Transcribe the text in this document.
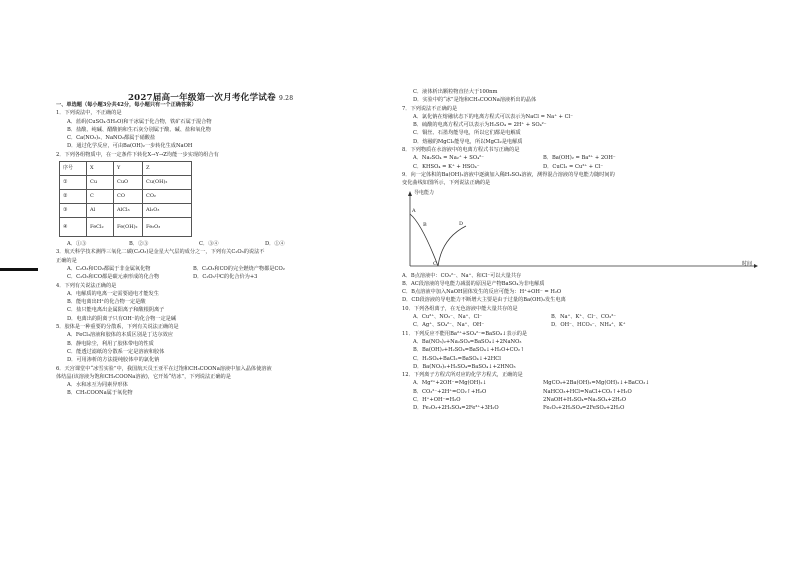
2027届高一年级第一次月考化学试卷 9.28
一、单选题（每小题3分共42分，每小题只有一个正确答案）
1．下列说法中，不正确的是
A．蓝矾(CuSO₄·5H₂O)和干冰属于化合物，铁矿石属于混合物
B．盐酸、纯碱、醋酸钠和生石灰分别属于酸、碱、盐和氧化物
C．Ca(NO₃)₂、NaNO₂都属于硝酸盐
D．通过化学反应，可由Ba(OH)₂一步转化生成NaOH
2．下列各组物质中，在一定条件下转化X→Y→Z均能一步实现的组合有
序号	X	Y	Z
①	Cu	CuO	Cu(OH)₂
②	C	CO	CO₂
③	Al	AlCl₃	Al₂O₃
④	FeCl₂	Fe(OH)₂	Fe₂O₃
A．①③	B．②③	C．③④	D．①④
3．航天科学技术测得三氧化二碳(C₂O₃)是金星大气层的成分之一，下列有关C₂O₃的说法不
正确的是
A．C₂O₃和CO₂都属于非金属氧化物	B．C₂O₃和CO的完全燃烧产物都是CO₂
C．C₂O₃和CO都是碳元素形成的化合物	D．C₂O₃中C的化合价为+3
4．下列有关说法正确的是
A．电解质的电离一定需要通电才能发生
B．能电离出H⁺的化合物一定是酸
C．盐只能电离出金属阳离子和酸根阴离子
D．电离出的阴离子只有OH⁻的化合物一定是碱
5．胶体是一种重要的分散系，下列有关说法正确的是
A．FeCl₃溶液和胶体的本质区别是丁达尔效应
B．静电除尘，利用了胶体带电的性质
C．能透过滤纸的分散系一定是溶液和胶体
D．可用渗析的方法提纯胶体中的氯化钠
6．天宫课堂中“冰雪实验”中，我国航天员王亚平在过饱和CH₃COONa溶液中加入晶体使溶液
体结晶(该溶液为饱和CH₃COONa溶液)，它开始“结冰”，下列说法正确的是
A．水和冰互为同素异形体
B．CH₃COONa属于氧化物
C．液体析出颗粒物直径大于100nm
D．实验中的“冰”是饱和CH₃COONa溶液析出的晶体
7．下列说法不正确的是
A．氯化钠在熔融状态下的电离方程式可以表示为NaCl = Na⁺ + Cl⁻
B．硫酸的电离方程式可以表示为H₂SO₄ = 2H⁺ + SO₄²⁻
C．铜丝、石墨均能导电，所以它们都是电解质
D．熔融的MgCl₂能导电，所以MgCl₂是电解质
8．下列物质在水溶液中的电离方程式书写正确的是
A．Na₂SO₄ = Na₂⁺ + SO₄²⁻	B．Ba(OH)₂ = Ba²⁺ + 2OH⁻
C．KHSO₄ = K⁺ + HSO₄⁻	D．CuCl₂ = Cu²⁺ + Cl⁻
9．向一定体积的Ba(OH)₂溶液中逐滴加入稀H₂SO₄溶液，测得混合溶液的导电能力随时间的
变化曲线如图所示，下列说法正确的是
导电能力
A
B
C
D
时间
A．B点溶液中：CO₃²⁻、Na⁺、和Cl⁻可以大量共存
B．AC段溶液的导电能力减弱的原因是产物BaSO₄为非电解质
C．B点溶液中加入NaOH固体发生的反应可能为：H⁺+OH⁻ = H₂O
D．CD段溶液的导电能力不断增大主要是由于过量的Ba(OH)₂发生电离
10．下列各组离子，在无色溶液中能大量共存的是
A．Cu²⁺、NO₃⁻、Na⁺、Cl⁻	B．Na⁺、K⁺、Cl⁻、CO₃²⁻
C．Ag⁺、SO₄²⁻、Na⁺、OH⁻	D．OH⁻、HCO₃⁻、NH₄⁺、K⁺
11．下列反应不能用Ba²⁺+SO₄²⁻=BaSO₄↓表示的是
A．Ba(NO₃)₂+Na₂SO₄=BaSO₄↓+2NaNO₃
B．Ba(OH)₂+H₂SO₄=BaSO₄↓+H₂O+CO₂↑
C．H₂SO₄+BaCl₂=BaSO₄↓+2HCl
D．Ba(NO₃)₂+H₂SO₄=BaSO₄↓+2HNO₃
12．下列离子方程式所对应的化学方程式，正确的是
A．Mg²⁺+2OH⁻=Mg(OH)₂↓	MgCO₃+2Ba(OH)₂=Mg(OH)₂↓+BaCO₃↓
B．CO₃²⁻+2H⁺=CO₂↑+H₂O	NaHCO₃+HCl=NaCl+CO₂↑+H₂O
C．H⁺+OH⁻=H₂O	2NaOH+H₂SO₄=Na₂SO₄+2H₂O
D．Fe₂O₃+2H₂SO₄=2Fe³⁺+3H₂O	Fe₂O₃+2H₂SO₄=2FeSO₄+2H₂O
